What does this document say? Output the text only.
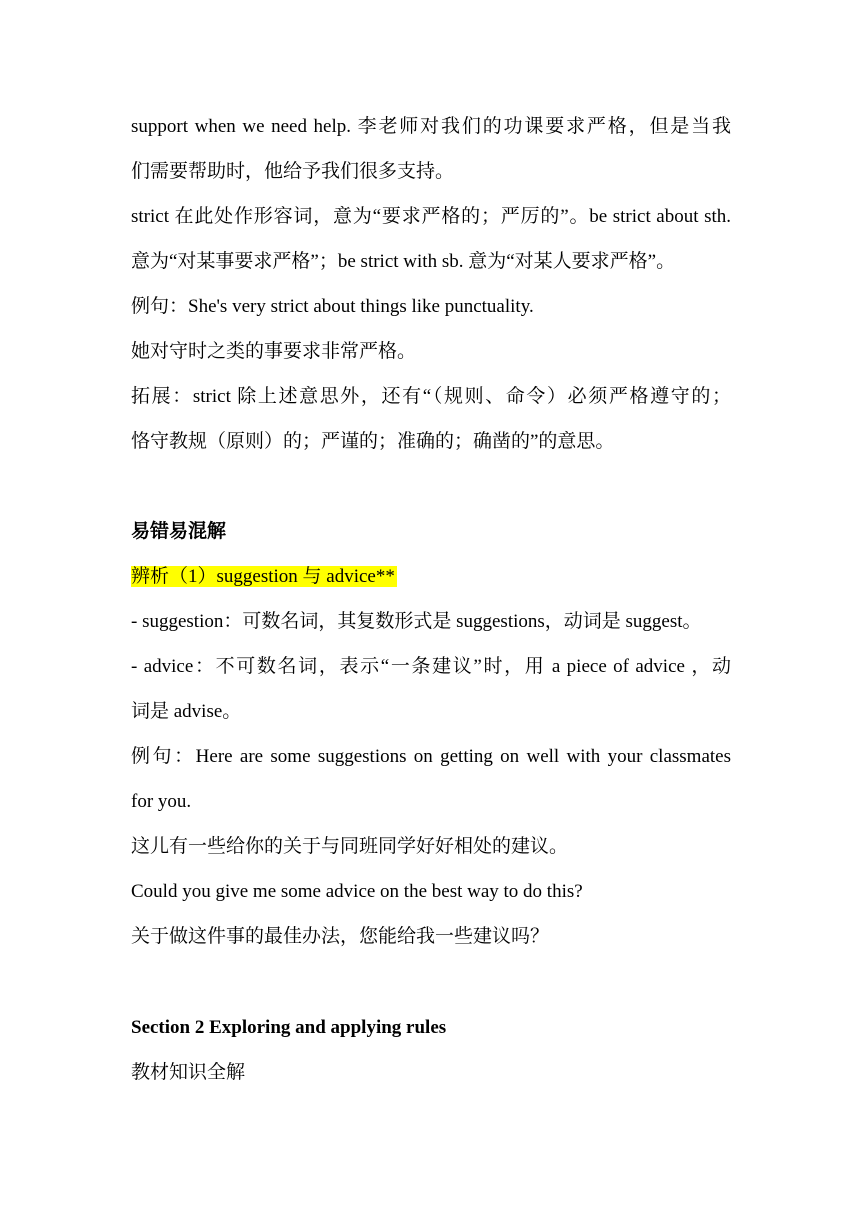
support when we need help. 李老师对我们的功课要求严格，但是当我
们需要帮助时，他给予我们很多支持。
strict 在此处作形容词，意为“要求严格的；严厉的”。be strict about sth.
意为“对某事要求严格”；be strict with sb. 意为“对某人要求严格”。
例句：She's very strict about things like punctuality.
她对守时之类的事要求非常严格。
拓展：strict 除上述意思外，还有“（规则、命令）必须严格遵守的；
恪守教规（原则）的；严谨的；准确的；确凿的”的意思。
易错易混解
辨析（1）suggestion 与 advice**
- suggestion：可数名词，其复数形式是 suggestions，动词是 suggest。
- advice：不可数名词，表示“一条建议”时，用 a piece of advice ，动
词是 advise。
例句：Here are some suggestions on getting on well with your classmates
for you.
这儿有一些给你的关于与同班同学好好相处的建议。
Could you give me some advice on the best way to do this?
关于做这件事的最佳办法，您能给我一些建议吗？
Section 2 Exploring and applying rules
教材知识全解
